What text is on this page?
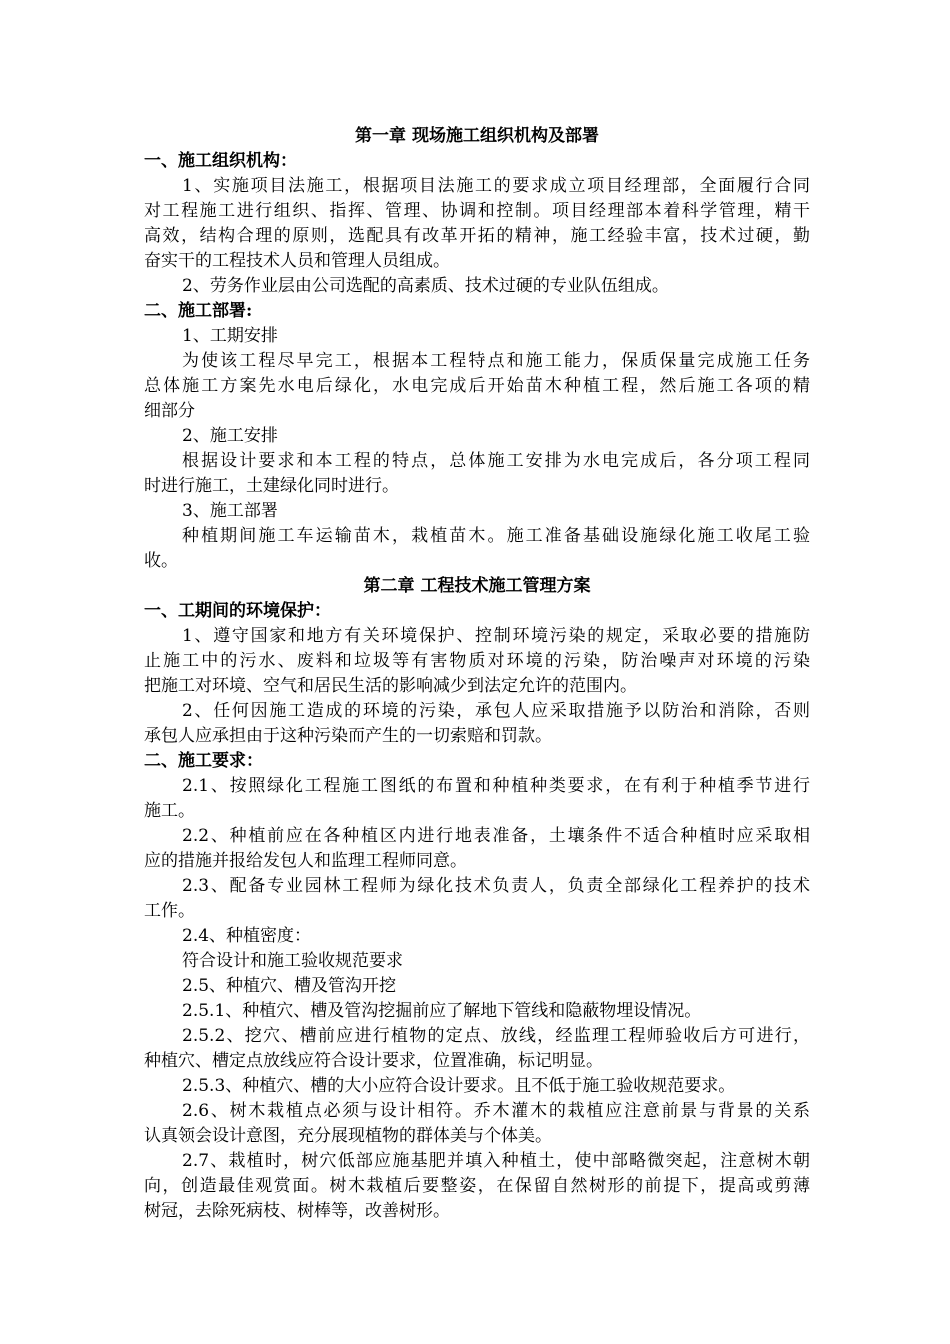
第一章 现场施工组织机构及部署
一、施工组织机构：
1、实施项目法施工，根据项目法施工的要求成立项目经理部，全面履行合同
对工程施工进行组织、指挥、管理、协调和控制。项目经理部本着科学管理，精干
高效，结构合理的原则，选配具有改革开拓的精神，施工经验丰富，技术过硬，勤
奋实干的工程技术人员和管理人员组成。
2、劳务作业层由公司选配的高素质、技术过硬的专业队伍组成。
二、施工部署:
1、工期安排
为使该工程尽早完工，根据本工程特点和施工能力，保质保量完成施工任务
总体施工方案先水电后绿化，水电完成后开始苗木种植工程，然后施工各项的精
细部分
2、施工安排
根据设计要求和本工程的特点，总体施工安排为水电完成后，各分项工程同
时进行施工，土建绿化同时进行。
3、施工部署
种植期间施工车运输苗木，栽植苗木。施工准备基础设施绿化施工收尾工验
收。
第二章 工程技术施工管理方案
一、工期间的环境保护：
1、遵守国家和地方有关环境保护、控制环境污染的规定，采取必要的措施防
止施工中的污水、废料和垃圾等有害物质对环境的污染，防治噪声对环境的污染
把施工对环境、空气和居民生活的影响减少到法定允许的范围内。
2、任何因施工造成的环境的污染，承包人应采取措施予以防治和消除，否则
承包人应承担由于这种污染而产生的一切索赔和罚款。
二、施工要求：
2.1、按照绿化工程施工图纸的布置和种植种类要求，在有利于种植季节进行
施工。
2.2、种植前应在各种植区内进行地表准备，土壤条件不适合种植时应采取相
应的措施并报给发包人和监理工程师同意。
2.3、配备专业园林工程师为绿化技术负责人，负责全部绿化工程养护的技术
工作。
2.4、种植密度：
符合设计和施工验收规范要求
2.5、种植穴、槽及管沟开挖
2.5.1、种植穴、槽及管沟挖掘前应了解地下管线和隐蔽物埋设情况。
2.5.2、挖穴、槽前应进行植物的定点、放线，经监理工程师验收后方可进行，
种植穴、槽定点放线应符合设计要求，位置准确，标记明显。
2.5.3、种植穴、槽的大小应符合设计要求。且不低于施工验收规范要求。
2.6、树木栽植点必须与设计相符。乔木灌木的栽植应注意前景与背景的关系
认真领会设计意图，充分展现植物的群体美与个体美。
2.7、栽植时，树穴低部应施基肥并填入种植土，使中部略微突起，注意树木朝
向，创造最佳观赏面。树木栽植后要整姿，在保留自然树形的前提下，提高或剪薄
树冠，去除死病枝、树棒等，改善树形。
